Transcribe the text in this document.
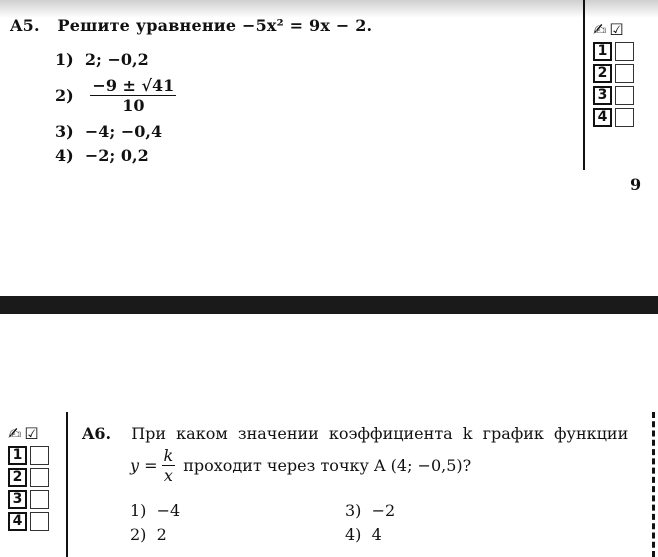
A5. Решите уравнение −5x² = 9x − 2.
1) 2; −0,2
2)
$\frac{-9 \pm √41}{10}$
3) −4; −0,4
4) −2; 0,2
✍ ☑
1
2
3
4
9
✍ ☑
1
2
3
4
A6. При каком значении коэффициента k график функции
$y = \frac{k}{x}$ проходит через точку A (4; −0,5)?
1) −4
2) 2
3) −2
4) 4
